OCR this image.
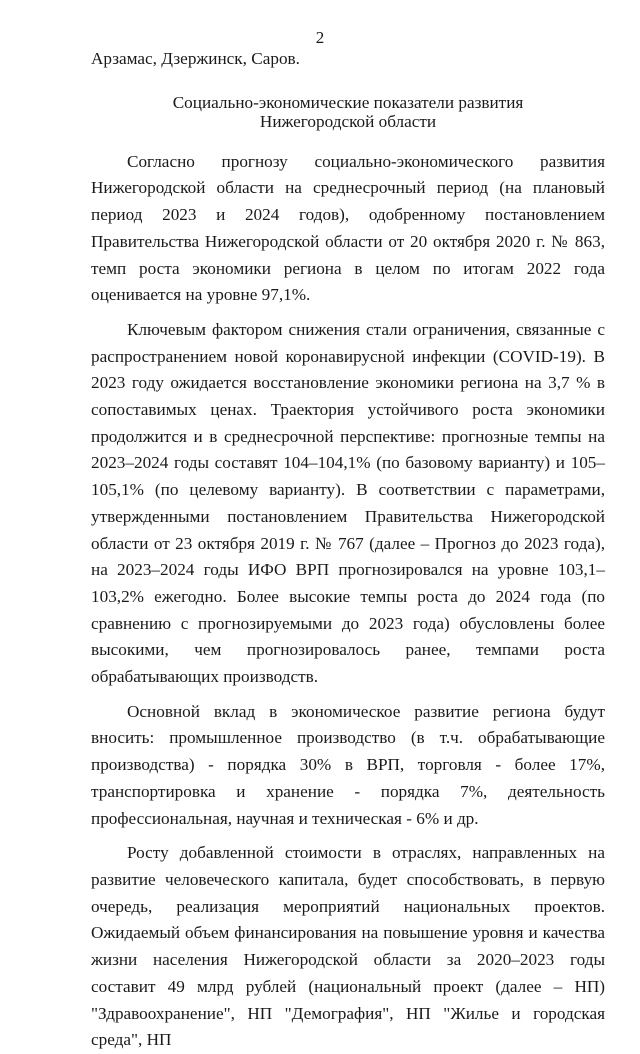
2

Арзамас, Дзержинск, Саров.

Социально-экономические показатели развития
Нижегородской области

Согласно прогнозу социально-экономического развития Нижегородской области на среднесрочный период (на плановый период 2023 и 2024 годов), одобренному постановлением Правительства Нижегородской области от 20 октября 2020 г. № 863, темп роста экономики региона в целом по итогам 2022 года оценивается на уровне 97,1%.

Ключевым фактором снижения стали ограничения, связанные с распространением новой коронавирусной инфекции (COVID-19). В 2023 году ожидается восстановление экономики региона на 3,7 % в сопоставимых ценах. Траектория устойчивого роста экономики продолжится и в среднесрочной перспективе: прогнозные темпы на 2023–2024 годы составят 104–104,1% (по базовому варианту) и 105–105,1% (по целевому варианту). В соответствии с параметрами, утвержденными постановлением Правительства Нижегородской области от 23 октября 2019 г. № 767 (далее – Прогноз до 2023 года), на 2023–2024 годы ИФО ВРП прогнозировался на уровне 103,1–103,2% ежегодно. Более высокие темпы роста до 2024 года (по сравнению с прогнозируемыми до 2023 года) обусловлены более высокими, чем прогнозировалось ранее, темпами роста обрабатывающих производств.

Основной вклад в экономическое развитие региона будут вносить: промышленное производство (в т.ч. обрабатывающие производства) - порядка 30% в ВРП, торговля - более 17%, транспортировка и хранение - порядка 7%, деятельность профессиональная, научная и техническая - 6% и др.

Росту добавленной стоимости в отраслях, направленных на развитие человеческого капитала, будет способствовать, в первую очередь, реализация мероприятий национальных проектов. Ожидаемый объем финансирования на повышение уровня и качества жизни населения Нижегородской области за 2020–2023 годы составит 49 млрд рублей (национальный проект (далее – НП) "Здравоохранение", НП "Демография", НП "Жилье и городская среда", НП
